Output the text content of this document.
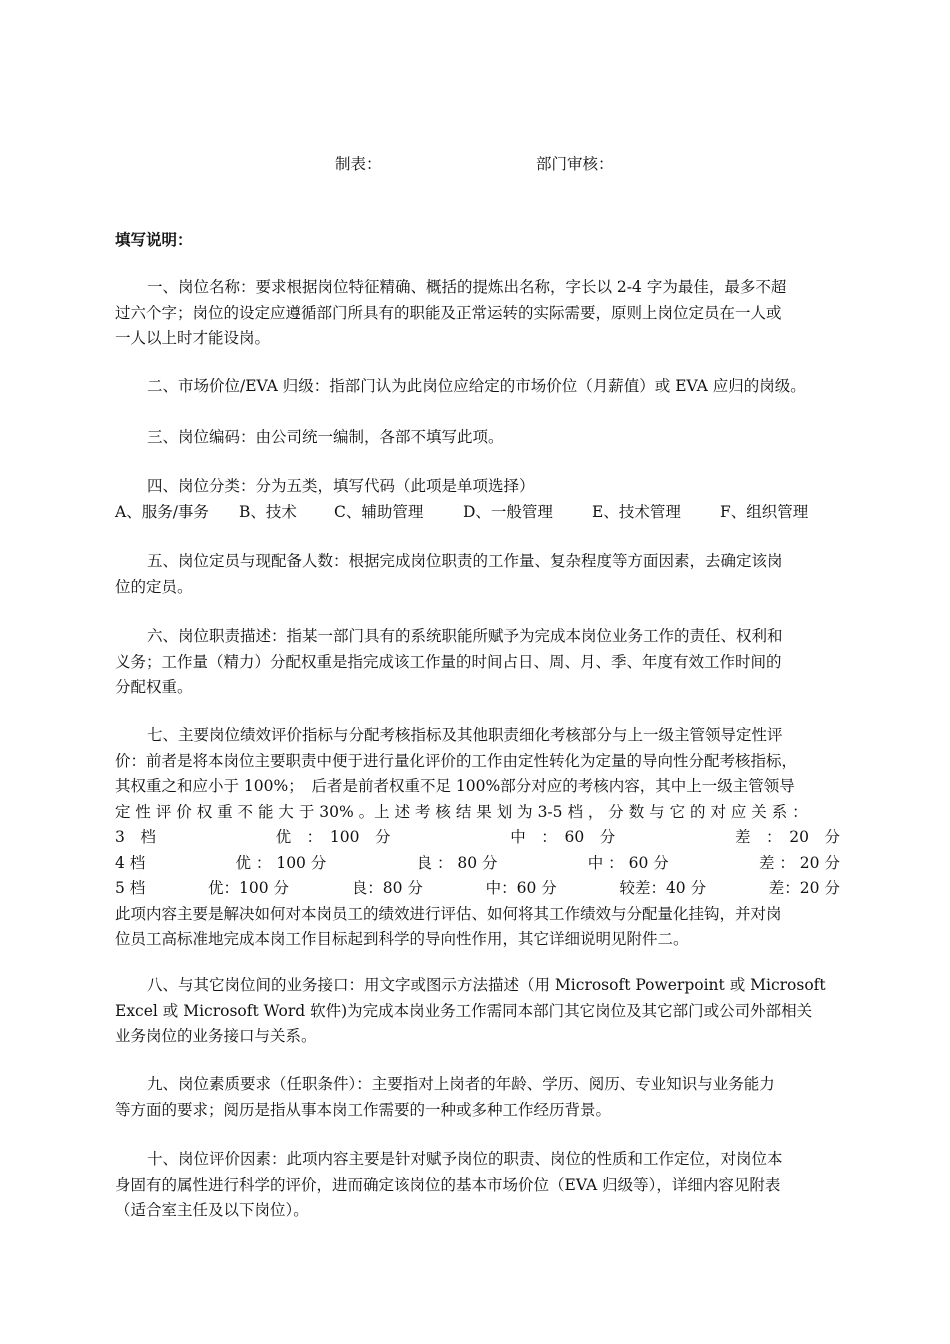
制表：	部门审核：
填写说明：
一、岗位名称：要求根据岗位特征精确、概括的提炼出名称，字长以 2-4 字为最佳，最多不超
过六个字；岗位的设定应遵循部门所具有的职能及正常运转的实际需要，原则上岗位定员在一人或
一人以上时才能设岗。
二、市场价位/EVA 归级：指部门认为此岗位应给定的市场价位（月薪值）或 EVA 应归的岗级。
三、岗位编码：由公司统一编制，各部不填写此项。
四、岗位分类：分为五类，填写代码（此项是单项选择）
A、服务/事务 B、技术 C、辅助管理	D、一般管理	E、技术管理	F、组织管理
五、岗位定员与现配备人数：根据完成岗位职责的工作量、复杂程度等方面因素，去确定该岗
位的定员。
六、岗位职责描述：指某一部门具有的系统职能所赋予为完成本岗位业务工作的责任、权利和
义务；工作量（精力）分配权重是指完成该工作量的时间占日、周、月、季、年度有效工作时间的
分配权重。
七、主要岗位绩效评价指标与分配考核指标及其他职责细化考核部分与上一级主管领导定性评
价：前者是将本岗位主要职责中便于进行量化评价的工作由定性转化为定量的导向性分配考核指标，
其权重之和应小于 100%；　后者是前者权重不足 100%部分对应的考核内容，其中上一级主管领导
定 性 评 价 权 重 不 能 大 于 30% 。上 述 考 核 结 果 划 为 3-5 档 ， 分 数 与 它 的 对 应 关 系 ：
3　档	优　：　100　分	中　：　60　分	差　：　20　分
4 档	优 ： 100 分	良 ： 80 分	中 ： 60 分	差 ： 20 分
5 档	优：100 分	良：80 分	中：60 分	较差：40 分	差：20 分
此项内容主要是解决如何对本岗员工的绩效进行评估、如何将其工作绩效与分配量化挂钩，并对岗
位员工高标准地完成本岗工作目标起到科学的导向性作用，其它详细说明见附件二。
八、与其它岗位间的业务接口：用文字或图示方法描述（用 Microsoft Powerpoint 或 Microsoft
Excel 或 Microsoft Word 软件)为完成本岗业务工作需同本部门其它岗位及其它部门或公司外部相关
业务岗位的业务接口与关系。
九、岗位素质要求（任职条件）：主要指对上岗者的年龄、学历、阅历、专业知识与业务能力
等方面的要求；阅历是指从事本岗工作需要的一种或多种工作经历背景。
十、岗位评价因素：此项内容主要是针对赋予岗位的职责、岗位的性质和工作定位，对岗位本
身固有的属性进行科学的评价，进而确定该岗位的基本市场价位（EVA 归级等），详细内容见附表
（适合室主任及以下岗位）。
